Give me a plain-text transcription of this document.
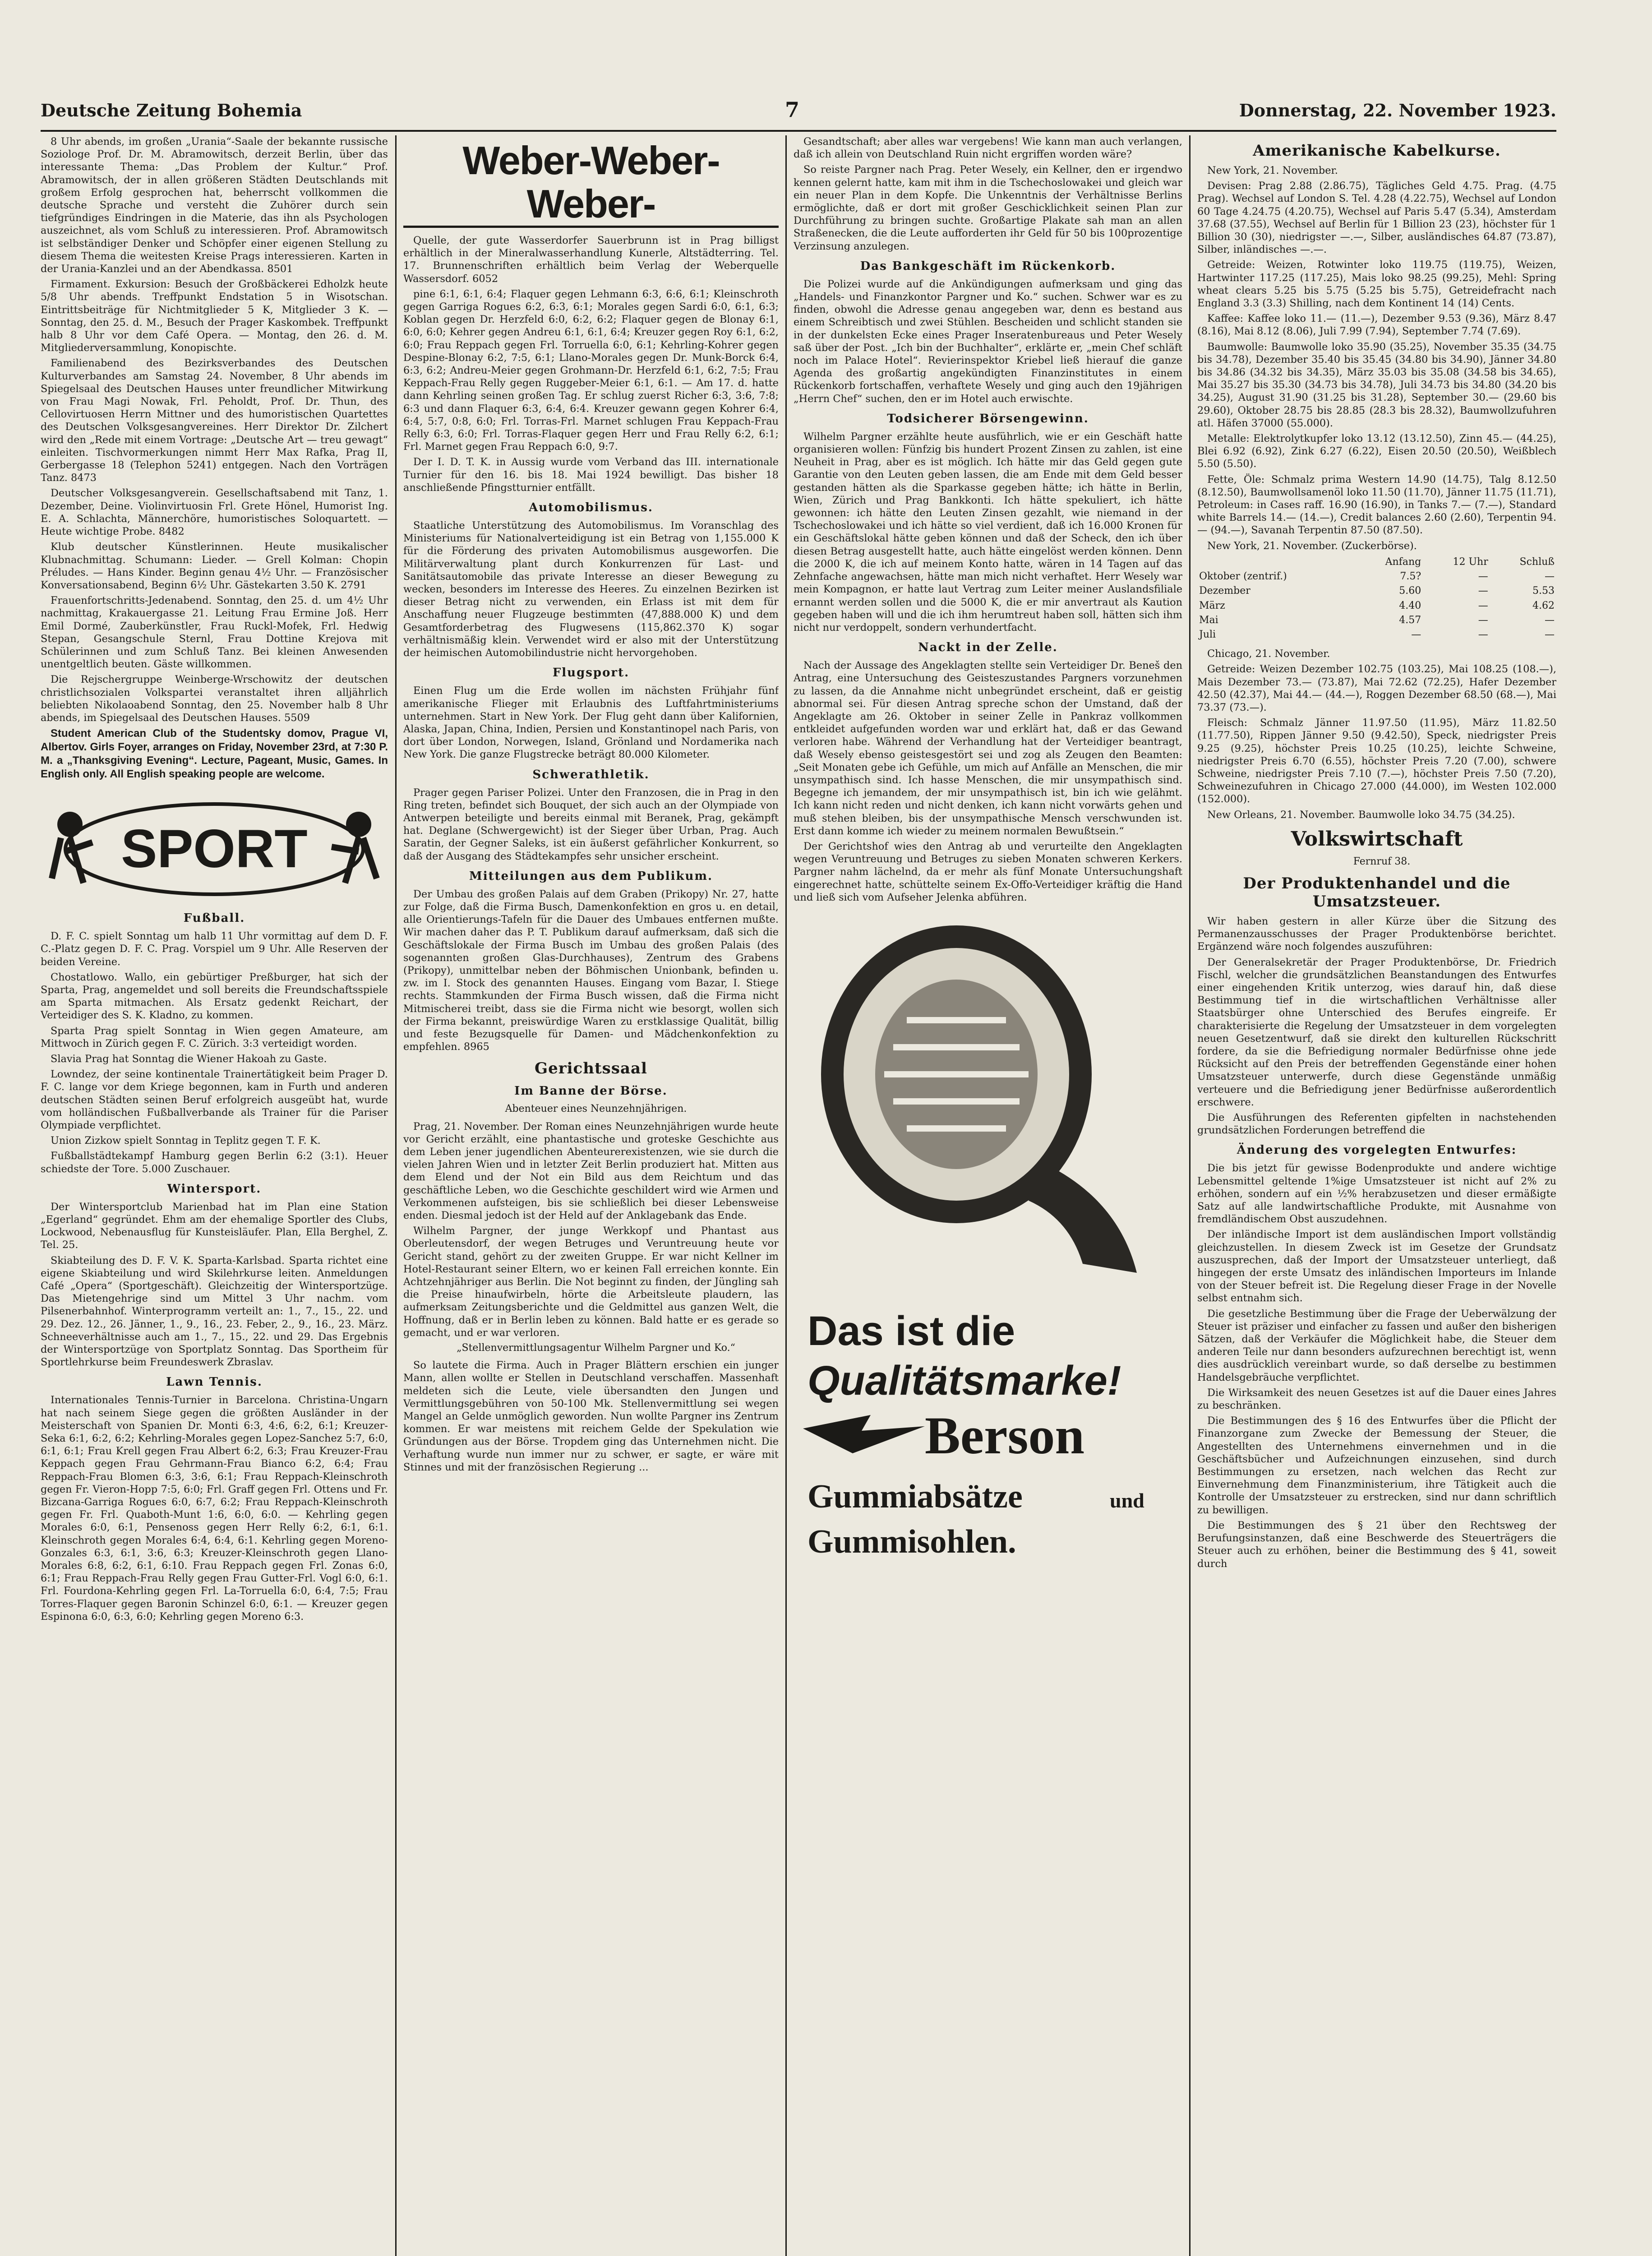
Deutsche Zeitung Bohemia	7	Donnerstag, 22. November 1923.

8 Uhr abends, im großen „Urania“-Saale der bekannte russische Soziologe Prof. Dr. M. Abramowitsch, derzeit Berlin, über das interessante Thema: „Das Problem der Kultur.“ Prof. Abramowitsch, der in allen größeren Städten Deutschlands mit großem Erfolg gesprochen hat, beherrscht vollkommen die deutsche Sprache und versteht die Zuhörer durch sein tiefgründiges Eindringen in die Materie, das ihn als Psychologen auszeichnet, als vom Schluß zu interessieren. Prof. Abramowitsch ist selbständiger Denker und Schöpfer einer eigenen Stellung zu diesem Thema die weitesten Kreise Prags interessieren. Karten in der Urania-Kanzlei und an der Abendkassa. 8501

Firmament. Exkursion: Besuch der Großbäckerei Edholzk heute 5/8 Uhr abends. Treffpunkt Endstation 5 in Wisotschan. Eintrittsbeiträge für Nichtmitglieder 5 K, Mitglieder 3 K. — Sonntag, den 25. d. M., Besuch der Prager Kaskombek. Treffpunkt halb 8 Uhr vor dem Café Opera. — Montag, den 26. d. M. Mitgliederversammlung, Konopischte.

Familienabend des Bezirksverbandes des Deutschen Kulturverbandes am Samstag 24. November, 8 Uhr abends im Spiegelsaal des Deutschen Hauses unter freundlicher Mitwirkung von Frau Magi Nowak, Frl. Peholdt, Prof. Dr. Thun, des Cellovirtuosen Herrn Mittner und des humoristischen Quartettes des Deutschen Volksgesangvereines. Herr Direktor Dr. Zilchert wird den „Rede mit einem Vortrage: „Deutsche Art — treu gewagt“ einleiten. Tischvormerkungen nimmt Herr Max Rafka, Prag II, Gerbergasse 18 (Telephon 5241) entgegen. Nach den Vorträgen Tanz. 8473

Deutscher Volksgesangverein. Gesellschaftsabend mit Tanz, 1. Dezember, Deine. Violinvirtuosin Frl. Grete Hönel, Humorist Ing. E. A. Schlachta, Männerchöre, humoristisches Soloquartett. — Heute wichtige Probe. 8482

Klub deutscher Künstlerinnen. Heute musikalischer Klubnachmittag. Schumann: Lieder. — Grell Kolman: Chopin Préludes. — Hans Kinder. Beginn genau 4½ Uhr. — Französischer Konversationsabend, Beginn 6½ Uhr. Gästekarten 3.50 K. 2791

Frauenfortschritts-Jedenabend. Sonntag, den 25. d. um 4½ Uhr nachmittag, Krakauergasse 21. Leitung Frau Ermine Joß. Herr Emil Dormé, Zauberkünstler, Frau Ruckl-Mofek, Frl. Hedwig Stepan, Gesangschule Sternl, Frau Dottine Krejova mit Schülerinnen und zum Schluß Tanz. Bei kleinen Anwesenden unentgeltlich beuten. Gäste willkommen.

Die Rejschergruppe Weinberge-Wrschowitz der deutschen christlichsozialen Volkspartei veranstaltet ihren alljährlich beliebten Nikolaoabend Sonntag, den 25. November halb 8 Uhr abends, im Spiegelsaal des Deutschen Hauses. 5509

Student American Club of the Studentsky domov, Prague VI, Albertov. Girls Foyer, arranges on Friday, November 23rd, at 7:30 P. M. a „Thanksgiving Evening“. Lecture, Pageant, Music, Games. In English only. All English speaking people are welcome.

SPORT
Fußball.

D. F. C. spielt Sonntag um halb 11 Uhr vormittag auf dem D. F. C.-Platz gegen D. F. C. Prag. Vorspiel um 9 Uhr. Alle Reserven der beiden Vereine.

Chostatlowo. Wallo, ein gebürtiger Preßburger, hat sich der Sparta, Prag, angemeldet und soll bereits die Freundschaftsspiele am Sparta mitmachen. Als Ersatz gedenkt Reichart, der Verteidiger des S. K. Kladno, zu kommen.

Sparta Prag spielt Sonntag in Wien gegen Amateure, am Mittwoch in Zürich gegen F. C. Zürich. 3:3 verteidigt worden.

Slavia Prag hat Sonntag die Wiener Hakoah zu Gaste.

Lowndez, der seine kontinentale Trainertätigkeit beim Prager D. F. C. lange vor dem Kriege begonnen, kam in Furth und anderen deutschen Städten seinen Beruf erfolgreich ausgeübt hat, wurde vom holländischen Fußballverbande als Trainer für die Pariser Olympiade verpflichtet.

Union Zizkow spielt Sonntag in Teplitz gegen T. F. K.

Fußballstädtekampf Hamburg gegen Berlin 6:2 (3:1). Heuer schiedste der Tore. 5.000 Zuschauer.

Wintersport.

Der Wintersportclub Marienbad hat im Plan eine Station „Egerland“ gegründet. Ehm am der ehemalige Sportler des Clubs, Lockwood, Nebenausflug für Kunsteisläufer. Plan, Ella Berghel, Z. Tel. 25.

Skiabteilung des D. F. V. K. Sparta-Karlsbad. Sparta richtet eine eigene Skiabteilung und wird Skilehrkurse leiten. Anmeldungen Café „Opera“ (Sportgeschäft). Gleichzeitig der Wintersportzüge. Das Mietengehrige sind um Mittel 3 Uhr nachm. vom Pilsenerbahnhof. Winterprogramm verteilt an: 1., 7., 15., 22. und 29. Dez. 12., 26. Jänner, 1., 9., 16., 23. Feber, 2., 9., 16., 23. März. Schneeverhältnisse auch am 1., 7., 15., 22. und 29. Das Ergebnis der Wintersportzüge von Sportplatz Sonntag. Das Sportheim für Sportlehrkurse beim Freundeswerk Zbraslav.

Lawn Tennis.

Internationales Tennis-Turnier in Barcelona. Christina-Ungarn hat nach seinem Siege gegen die größten Ausländer in der Meisterschaft von Spanien Dr. Monti 6:3, 4:6, 6:2, 6:1; Kreuzer-Seka 6:1, 6:2, 6:2; Kehrling-Morales gegen Lopez-Sanchez 5:7, 6:0, 6:1, 6:1; Frau Krell gegen Frau Albert 6:2, 6:3; Frau Kreuzer-Frau Keppach gegen Frau Gehrmann-Frau Bianco 6:2, 6:4; Frau Reppach-Frau Blomen 6:3, 3:6, 6:1; Frau Reppach-Kleinschroth gegen Fr. Vieron-Hopp 7:5, 6:0; Frl. Graff gegen Frl. Ottens und Fr. Bizcana-Garriga Rogues 6:0, 6:7, 6:2; Frau Reppach-Kleinschroth gegen Fr. Frl. Quaboth-Munt 1:6, 6:0, 6:0. — Kehrling gegen Morales 6:0, 6:1, Pensenoss gegen Herr Relly 6:2, 6:1, 6:1. Kleinschroth gegen Morales 6:4, 6:4, 6:1. Kehrling gegen Moreno-Gonzales 6:3, 6:1, 3:6, 6:3; Kreuzer-Kleinschroth gegen Llano-Morales 6:8, 6:2, 6:1, 6:10. Frau Reppach gegen Frl. Zonas 6:0, 6:1; Frau Reppach-Frau Relly gegen Frau Gutter-Frl. Vogl 6:0, 6:1. Frl. Fourdona-Kehrling gegen Frl. La-Torruella 6:0, 6:4, 7:5; Frau Torres-Flaquer gegen Baronin Schinzel 6:0, 6:1. — Kreuzer gegen Espinona 6:0, 6:3, 6:0; Kehrling gegen Moreno 6:3.

Weber-Weber-Weber-

Quelle, der gute Wasserdorfer Sauerbrunn ist in Prag billigst erhältlich in der Mineralwasserhandlung Kunerle, Altstädterring. Tel. 17. Brunnenschriften erhältlich beim Verlag der Weberquelle Wassersdorf. 6052

pine 6:1, 6:1, 6:4; Flaquer gegen Lehmann 6:3, 6:6, 6:1; Kleinschroth gegen Garriga Rogues 6:2, 6:3, 6:1; Morales gegen Sardi 6:0, 6:1, 6:3; Koblan gegen Dr. Herzfeld 6:0, 6:2, 6:2; Flaquer gegen de Blonay 6:1, 6:0, 6:0; Kehrer gegen Andreu 6:1, 6:1, 6:4; Kreuzer gegen Roy 6:1, 6:2, 6:0; Frau Reppach gegen Frl. Torruella 6:0, 6:1; Kehrling-Kohrer gegen Despine-Blonay 6:2, 7:5, 6:1; Llano-Morales gegen Dr. Munk-Borck 6:4, 6:3, 6:2; Andreu-Meier gegen Grohmann-Dr. Herzfeld 6:1, 6:2, 7:5; Frau Keppach-Frau Relly gegen Ruggeber-Meier 6:1, 6:1. — Am 17. d. hatte dann Kehrling seinen großen Tag. Er schlug zuerst Richer 6:3, 3:6, 7:8; 6:3 und dann Flaquer 6:3, 6:4, 6:4. Kreuzer gewann gegen Kohrer 6:4, 6:4, 5:7, 0:8, 6:0; Frl. Torras-Frl. Marnet schlugen Frau Keppach-Frau Relly 6:3, 6:0; Frl. Torras-Flaquer gegen Herr und Frau Relly 6:2, 6:1; Frl. Marnet gegen Frau Reppach 6:0, 9:7.

Der I. D. T. K. in Aussig wurde vom Verband das III. internationale Turnier für den 16. bis 18. Mai 1924 bewilligt. Das bisher 18 anschließende Pfingstturnier entfällt.

Automobilismus.

Staatliche Unterstützung des Automobilismus. Im Voranschlag des Ministeriums für Nationalverteidigung ist ein Betrag von 1,155.000 K für die Förderung des privaten Automobilismus ausgeworfen. Die Militärverwaltung plant durch Konkurrenzen für Last- und Sanitätsautomobile das private Interesse an dieser Bewegung zu wecken, besonders im Interesse des Heeres. Zu einzelnen Bezirken ist dieser Betrag nicht zu verwenden, ein Erlass ist mit dem für Anschaffung neuer Flugzeuge bestimmten (47,888.000 K) und dem Gesamtforderbetrag des Flugwesens (115,862.370 K) sogar verhältnismäßig klein. Verwendet wird er also mit der Unterstützung der heimischen Automobilindustrie nicht hervorgehoben.

Flugsport.

Einen Flug um die Erde wollen im nächsten Frühjahr fünf amerikanische Flieger mit Erlaubnis des Luftfahrtministeriums unternehmen. Start in New York. Der Flug geht dann über Kalifornien, Alaska, Japan, China, Indien, Persien und Konstantinopel nach Paris, von dort über London, Norwegen, Island, Grönland und Nordamerika nach New York. Die ganze Flugstrecke beträgt 80.000 Kilometer.

Schwerathletik.

Prager gegen Pariser Polizei. Unter den Franzosen, die in Prag in den Ring treten, befindet sich Bouquet, der sich auch an der Olympiade von Antwerpen beteiligte und bereits einmal mit Beranek, Prag, gekämpft hat. Deglane (Schwergewicht) ist der Sieger über Urban, Prag. Auch Saratin, der Gegner Saleks, ist ein äußerst gefährlicher Konkurrent, so daß der Ausgang des Städtekampfes sehr unsicher erscheint.

Mitteilungen aus dem Publikum.

Der Umbau des großen Palais auf dem Graben (Prikopy) Nr. 27, hatte zur Folge, daß die Firma Busch, Damenkonfektion en gros u. en detail, alle Orientierungs-Tafeln für die Dauer des Umbaues entfernen mußte. Wir machen daher das P. T. Publikum darauf aufmerksam, daß sich die Geschäftslokale der Firma Busch im Umbau des großen Palais (des sogenannten großen Glas-Durchhauses), Zentrum des Grabens (Prikopy), unmittelbar neben der Böhmischen Unionbank, befinden u. zw. im I. Stock des genannten Hauses. Eingang vom Bazar, I. Stiege rechts. Stammkunden der Firma Busch wissen, daß die Firma nicht Mitmischerei treibt, dass sie die Firma nicht wie besorgt, wollen sich der Firma bekannt, preiswürdige Waren zu erstklassige Qualität, billig und feste Bezugsquelle für Damen- und Mädchenkonfektion zu empfehlen. 8965

Gerichtssaal
Im Banne der Börse.

Abenteuer eines Neunzehnjährigen.

Prag, 21. November. Der Roman eines Neunzehnjährigen wurde heute vor Gericht erzählt, eine phantastische und groteske Geschichte aus dem Leben jener jugendlichen Abenteurerexistenzen, wie sie durch die vielen Jahren Wien und in letzter Zeit Berlin produziert hat. Mitten aus dem Elend und der Not ein Bild aus dem Reichtum und das geschäftliche Leben, wo die Geschichte geschildert wird wie Armen und Verkommenen aufsteigen, bis sie schließlich bei dieser Lebensweise enden. Diesmal jedoch ist der Held auf der Anklagebank das Ende.

Wilhelm Pargner, der junge Werkkopf und Phantast aus Oberleutensdorf, der wegen Betruges und Veruntreuung heute vor Gericht stand, gehört zu der zweiten Gruppe. Er war nicht Kellner im Hotel-Restaurant seiner Eltern, wo er keinen Fall erreichen konnte. Ein Achtzehnjähriger aus Berlin. Die Not beginnt zu finden, der Jüngling sah die Preise hinaufwirbeln, hörte die Arbeitsleute plaudern, las aufmerksam Zeitungsberichte und die Geldmittel aus ganzen Welt, die Hoffnung, daß er in Berlin leben zu können. Bald hatte er es gerade so gemacht, und er war verloren.

„Stellenvermittlungsagentur Wilhelm Pargner und Ko.“

So lautete die Firma. Auch in Prager Blättern erschien ein junger Mann, allen wollte er Stellen in Deutschland verschaffen. Massenhaft meldeten sich die Leute, viele übersandten den Jungen und Vermittlungsgebühren von 50-100 Mk. Stellenvermittlung sei wegen Mangel an Gelde unmöglich geworden. Nun wollte Pargner ins Zentrum kommen. Er war meistens mit reichem Gelde der Spekulation wie Gründungen aus der Börse. Tropdem ging das Unternehmen nicht. Die Verhaftung wurde nun immer nur zu schwer, er sagte, er wäre mit Stinnes und mit der französischen Regierung ...

Gesandtschaft; aber alles war vergebens! Wie kann man auch verlangen, daß ich allein von Deutschland Ruin nicht ergriffen worden wäre?

So reiste Pargner nach Prag. Peter Wesely, ein Kellner, den er irgendwo kennen gelernt hatte, kam mit ihm in die Tschechoslowakei und gleich war ein neuer Plan in dem Kopfe. Die Unkenntnis der Verhältnisse Berlins ermöglichte, daß er dort mit großer Geschicklichkeit seinen Plan zur Durchführung zu bringen suchte. Großartige Plakate sah man an allen Straßenecken, die die Leute aufforderten ihr Geld für 50 bis 100prozentige Verzinsung anzulegen.

Das Bankgeschäft im Rückenkorb.

Die Polizei wurde auf die Ankündigungen aufmerksam und ging das „Handels- und Finanzkontor Pargner und Ko.“ suchen. Schwer war es zu finden, obwohl die Adresse genau angegeben war, denn es bestand aus einem Schreibtisch und zwei Stühlen. Bescheiden und schlicht standen sie in der dunkelsten Ecke eines Prager Inseratenbureaus und Peter Wesely saß über der Post. „Ich bin der Buchhalter“, erklärte er, „mein Chef schläft noch im Palace Hotel“. Revierinspektor Kriebel ließ hierauf die ganze Agenda des großartig angekündigten Finanzinstitutes in einem Rückenkorb fortschaffen, verhaftete Wesely und ging auch den 19jährigen „Herrn Chef“ suchen, den er im Hotel auch erwischte.

Todsicherer Börsengewinn.

Wilhelm Pargner erzählte heute ausführlich, wie er ein Geschäft hatte organisieren wollen: Fünfzig bis hundert Prozent Zinsen zu zahlen, ist eine Neuheit in Prag, aber es ist möglich. Ich hätte mir das Geld gegen gute Garantie von den Leuten geben lassen, die am Ende mit dem Geld besser gestanden hätten als die Sparkasse gegeben hätte; ich hätte in Berlin, Wien, Zürich und Prag Bankkonti. Ich hätte spekuliert, ich hätte gewonnen: ich hätte den Leuten Zinsen gezahlt, wie niemand in der Tschechoslowakei und ich hätte so viel verdient, daß ich 16.000 Kronen für ein Geschäftslokal hätte geben können und daß der Scheck, den ich über diesen Betrag ausgestellt hatte, auch hätte eingelöst werden können. Denn die 2000 K, die ich auf meinem Konto hatte, wären in 14 Tagen auf das Zehnfache angewachsen, hätte man mich nicht verhaftet. Herr Wesely war mein Kompagnon, er hatte laut Vertrag zum Leiter meiner Auslandsfiliale ernannt werden sollen und die 5000 K, die er mir anvertraut als Kaution gegeben haben will und die ich ihm herumtreut haben soll, hätten sich ihm nicht nur verdoppelt, sondern verhundertfacht.

Nackt in der Zelle.

Nach der Aussage des Angeklagten stellte sein Verteidiger Dr. Beneš den Antrag, eine Untersuchung des Geisteszustandes Pargners vorzunehmen zu lassen, da die Annahme nicht unbegründet erscheint, daß er geistig abnormal sei. Für diesen Antrag spreche schon der Umstand, daß der Angeklagte am 26. Oktober in seiner Zelle in Pankraz vollkommen entkleidet aufgefunden worden war und erklärt hat, daß er das Gewand verloren habe. Während der Verhandlung hat der Verteidiger beantragt, daß Wesely ebenso geistesgestört sei und zog als Zeugen den Beamten: „Seit Monaten gebe ich Gefühle, um mich auf Anfälle an Menschen, die mir unsympathisch sind. Ich hasse Menschen, die mir unsympathisch sind. Begegne ich jemandem, der mir unsympathisch ist, bin ich wie gelähmt. Ich kann nicht reden und nicht denken, ich kann nicht vorwärts gehen und muß stehen bleiben, bis der unsympathische Mensch verschwunden ist. Erst dann komme ich wieder zu meinem normalen Bewußtsein.“

Der Gerichtshof wies den Antrag ab und verurteilte den Angeklagten wegen Veruntreuung und Betruges zu sieben Monaten schweren Kerkers. Pargner nahm lächelnd, da er mehr als fünf Monate Untersuchungshaft eingerechnet hatte, schüttelte seinem Ex-Offo-Verteidiger kräftig die Hand und ließ sich vom Aufseher Jelenka abführen.

Das ist die
Qualitätsmarke!
Berson
Gummiabsätze	und
Gummisohlen.
Amerikanische Kabelkurse.

New York, 21. November.

Devisen: Prag 2.88 (2.86.75), Tägliches Geld 4.75. Prag. (4.75 Prag). Wechsel auf London S. Tel. 4.28 (4.22.75), Wechsel auf London 60 Tage 4.24.75 (4.20.75), Wechsel auf Paris 5.47 (5.34), Amsterdam 37.68 (37.55), Wechsel auf Berlin für 1 Billion 23 (23), höchster für 1 Billion 30 (30), niedrigster —.—, Silber, ausländisches 64.87 (73.87), Silber, inländisches —.—.

Getreide: Weizen, Rotwinter loko 119.75 (119.75), Weizen, Hartwinter 117.25 (117.25), Mais loko 98.25 (99.25), Mehl: Spring wheat clears 5.25 bis 5.75 (5.25 bis 5.75), Getreidefracht nach England 3.3 (3.3) Shilling, nach dem Kontinent 14 (14) Cents.

Kaffee: Kaffee loko 11.— (11.—), Dezember 9.53 (9.36), März 8.47 (8.16), Mai 8.12 (8.06), Juli 7.99 (7.94), September 7.74 (7.69).

Baumwolle: Baumwolle loko 35.90 (35.25), November 35.35 (34.75 bis 34.78), Dezember 35.40 bis 35.45 (34.80 bis 34.90), Jänner 34.80 bis 34.86 (34.32 bis 34.35), März 35.03 bis 35.08 (34.58 bis 34.65), Mai 35.27 bis 35.30 (34.73 bis 34.78), Juli 34.73 bis 34.80 (34.20 bis 34.25), August 31.90 (31.25 bis 31.28), September 30.— (29.60 bis 29.60), Oktober 28.75 bis 28.85 (28.3 bis 28.32), Baumwollzufuhren atl. Häfen 37000 (55.000).

Metalle: Elektrolytkupfer loko 13.12 (13.12.50), Zinn 45.— (44.25), Blei 6.92 (6.92), Zink 6.27 (6.22), Eisen 20.50 (20.50), Weißblech 5.50 (5.50).

Fette, Öle: Schmalz prima Western 14.90 (14.75), Talg 8.12.50 (8.12.50), Baumwollsamenöl loko 11.50 (11.70), Jänner 11.75 (11.71), Petroleum: in Cases raff. 16.90 (16.90), in Tanks 7.— (7.—), Standard white Barrels 14.— (14.—), Credit balances 2.60 (2.60), Terpentin 94.— (94.—), Savanah Terpentin 87.50 (87.50).

New York, 21. November. (Zuckerbörse).

	Anfang	12 Uhr	Schluß
Oktober (zentrif.)	7.5?	—	—
Dezember	5.60	—	5.53
März	4.40	—	4.62
Mai	4.57	—	—
Juli	—	—	—

Chicago, 21. November.

Getreide: Weizen Dezember 102.75 (103.25), Mai 108.25 (108.—), Mais Dezember 73.— (73.87), Mai 72.62 (72.25), Hafer Dezember 42.50 (42.37), Mai 44.— (44.—), Roggen Dezember 68.50 (68.—), Mai 73.37 (73.—).

Fleisch: Schmalz Jänner 11.97.50 (11.95), März 11.82.50 (11.77.50), Rippen Jänner 9.50 (9.42.50), Speck, niedrigster Preis 9.25 (9.25), höchster Preis 10.25 (10.25), leichte Schweine, niedrigster Preis 6.70 (6.55), höchster Preis 7.20 (7.00), schwere Schweine, niedrigster Preis 7.10 (7.—), höchster Preis 7.50 (7.20), Schweinezufuhren in Chicago 27.000 (44.000), im Westen 102.000 (152.000).

New Orleans, 21. November. Baumwolle loko 34.75 (34.25).

Volkswirtschaft

Fernruf 38.

Der Produktenhandel und die Umsatzsteuer.

Wir haben gestern in aller Kürze über die Sitzung des Permanenzausschusses der Prager Produktenbörse berichtet. Ergänzend wäre noch folgendes auszuführen:

Der Generalsekretär der Prager Produktenbörse, Dr. Friedrich Fischl, welcher die grundsätzlichen Beanstandungen des Entwurfes einer eingehenden Kritik unterzog, wies darauf hin, daß diese Bestimmung tief in die wirtschaftlichen Verhältnisse aller Staatsbürger ohne Unterschied des Berufes eingreife. Er charakterisierte die Regelung der Umsatzsteuer in dem vorgelegten neuen Gesetzentwurf, daß sie direkt den kulturellen Rückschritt fordere, da sie die Befriedigung normaler Bedürfnisse ohne jede Rücksicht auf den Preis der betreffenden Gegenstände einer hohen Umsatzsteuer unterwerfe, durch diese Gegenstände unmäßig verteuere und die Befriedigung jener Bedürfnisse außerordentlich erschwere.

Die Ausführungen des Referenten gipfelten in nachstehenden grundsätzlichen Forderungen betreffend die

Änderung des vorgelegten Entwurfes:

Die bis jetzt für gewisse Bodenprodukte und andere wichtige Lebensmittel geltende 1%ige Umsatzsteuer ist nicht auf 2% zu erhöhen, sondern auf ein ½% herabzusetzen und dieser ermäßigte Satz auf alle landwirtschaftliche Produkte, mit Ausnahme von fremdländischem Obst auszudehnen.

Der inländische Import ist dem ausländischen Import vollständig gleichzustellen. In diesem Zweck ist im Gesetze der Grundsatz auszusprechen, daß der Import der Umsatzsteuer unterliegt, daß hingegen der erste Umsatz des inländischen Importeurs im Inlande von der Steuer befreit ist. Die Regelung dieser Frage in der Novelle selbst entnahm sich.

Die gesetzliche Bestimmung über die Frage der Ueberwälzung der Steuer ist präziser und einfacher zu fassen und außer den bisherigen Sätzen, daß der Verkäufer die Möglichkeit habe, die Steuer dem anderen Teile nur dann besonders aufzurechnen berechtigt ist, wenn dies ausdrücklich vereinbart wurde, so daß derselbe zu bestimmen Handelsgebräuche verpflichtet.

Die Wirksamkeit des neuen Gesetzes ist auf die Dauer eines Jahres zu beschränken.

Die Bestimmungen des § 16 des Entwurfes über die Pflicht der Finanzorgane zum Zwecke der Bemessung der Steuer, die Angestellten des Unternehmens einvernehmen und in die Geschäftsbücher und Aufzeichnungen einzusehen, sind durch Bestimmungen zu ersetzen, nach welchen das Recht zur Einvernehmung dem Finanzministerium, ihre Tätigkeit auch die Kontrolle der Umsatzsteuer zu erstrecken, sind nur dann schriftlich zu bewilligen.

Die Bestimmungen des § 21 über den Rechtsweg der Berufungsinstanzen, daß eine Beschwerde des Steuerträgers die Steuer auch zu erhöhen, beiner die Bestimmung des § 41, soweit durch
